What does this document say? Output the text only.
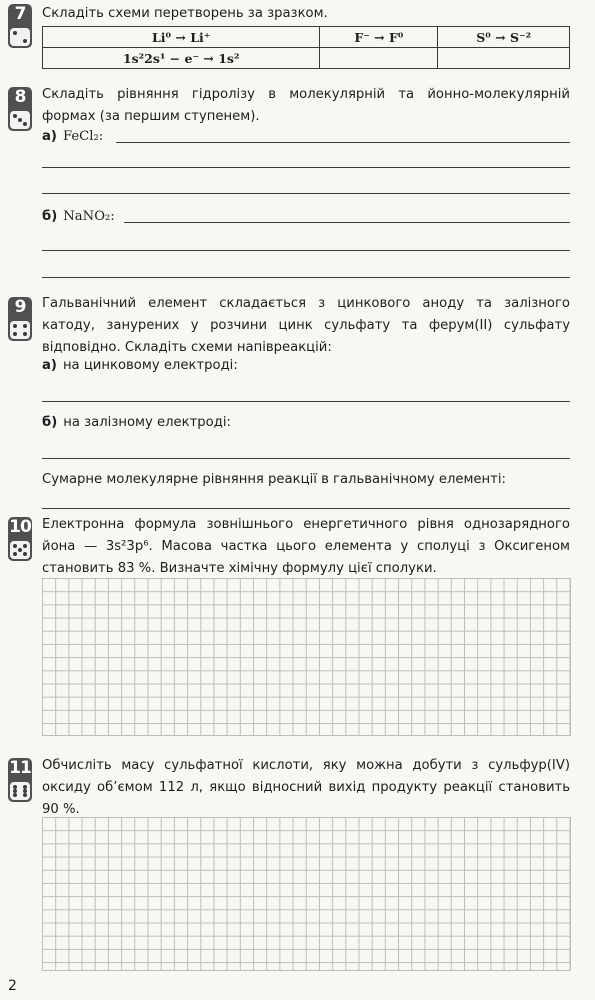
7	Складіть схеми перетворень за зразком.
Li⁰ → Li⁺	F⁻ → F⁰	S⁰ → S⁻²
1s²2s¹ − e⁻ → 1s²		
8	Складіть рівняння гідролізу в молекулярній та йонно-молекулярній формах (за першим ступенем).
а) FeCl₂:
б) NaNO₂:
9	Гальванічний елемент складається з цинкового аноду та залізного катоду, занурених у розчини цинк сульфату та ферум(II) сульфату відповідно. Складіть схеми напівреакцій:
а) на цинковому електроді:
б) на залізному електроді:
Сумарне молекулярне рівняння реакції в гальванічному елементі:
10 Електронна формула зовнішнього енергетичного рівня однозарядного йона — 3s²3p⁶. Масова частка цього елемента у сполуці з Оксигеном становить 83 %. Визначте хімічну формулу цієї сполуки.
11 Обчисліть масу сульфатної кислоти, яку можна добути з сульфур(IV) оксиду об’ємом 112 л, якщо відносний вихід продукту реакції становить 90 %.
2
